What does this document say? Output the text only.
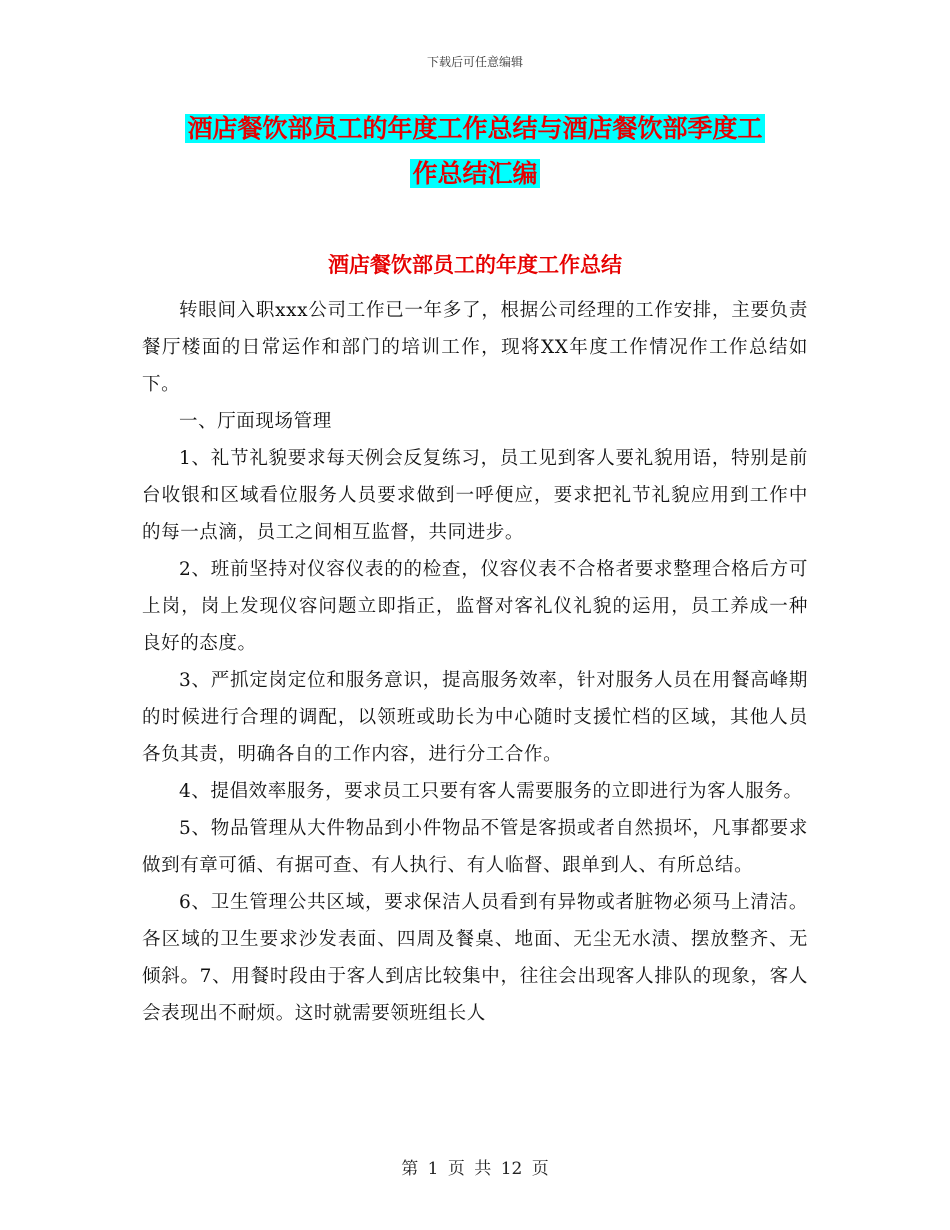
下载后可任意编辑
酒店餐饮部员工的年度工作总结与酒店餐饮部季度工
作总结汇编
酒店餐饮部员工的年度工作总结

转眼间入职xxx公司工作已一年多了，根据公司经理的工作安排，主要负责餐厅楼面的日常运作和部门的培训工作，现将XX年度工作情况作工作总结如下。

一、厅面现场管理

1、礼节礼貌要求每天例会反复练习，员工见到客人要礼貌用语，特别是前台收银和区域看位服务人员要求做到一呼便应，要求把礼节礼貌应用到工作中的每一点滴，员工之间相互监督，共同进步。

2、班前坚持对仪容仪表的的检查，仪容仪表不合格者要求整理合格后方可上岗，岗上发现仪容问题立即指正，监督对客礼仪礼貌的运用，员工养成一种良好的态度。

3、严抓定岗定位和服务意识，提高服务效率，针对服务人员在用餐高峰期的时候进行合理的调配，以领班或助长为中心随时支援忙档的区域，其他人员各负其责，明确各自的工作内容，进行分工合作。

4、提倡效率服务，要求员工只要有客人需要服务的立即进行为客人服务。

5、物品管理从大件物品到小件物品不管是客损或者自然损坏，凡事都要求做到有章可循、有据可查、有人执行、有人临督、跟单到人、有所总结。

6、卫生管理公共区域，要求保洁人员看到有异物或者脏物必须马上清洁。各区域的卫生要求沙发表面、四周及餐桌、地面、无尘无水渍、摆放整齐、无倾斜。7、用餐时段由于客人到店比较集中，往往会出现客人排队的现象，客人会表现出不耐烦。这时就需要领班组长人

第 1 页 共 12 页
